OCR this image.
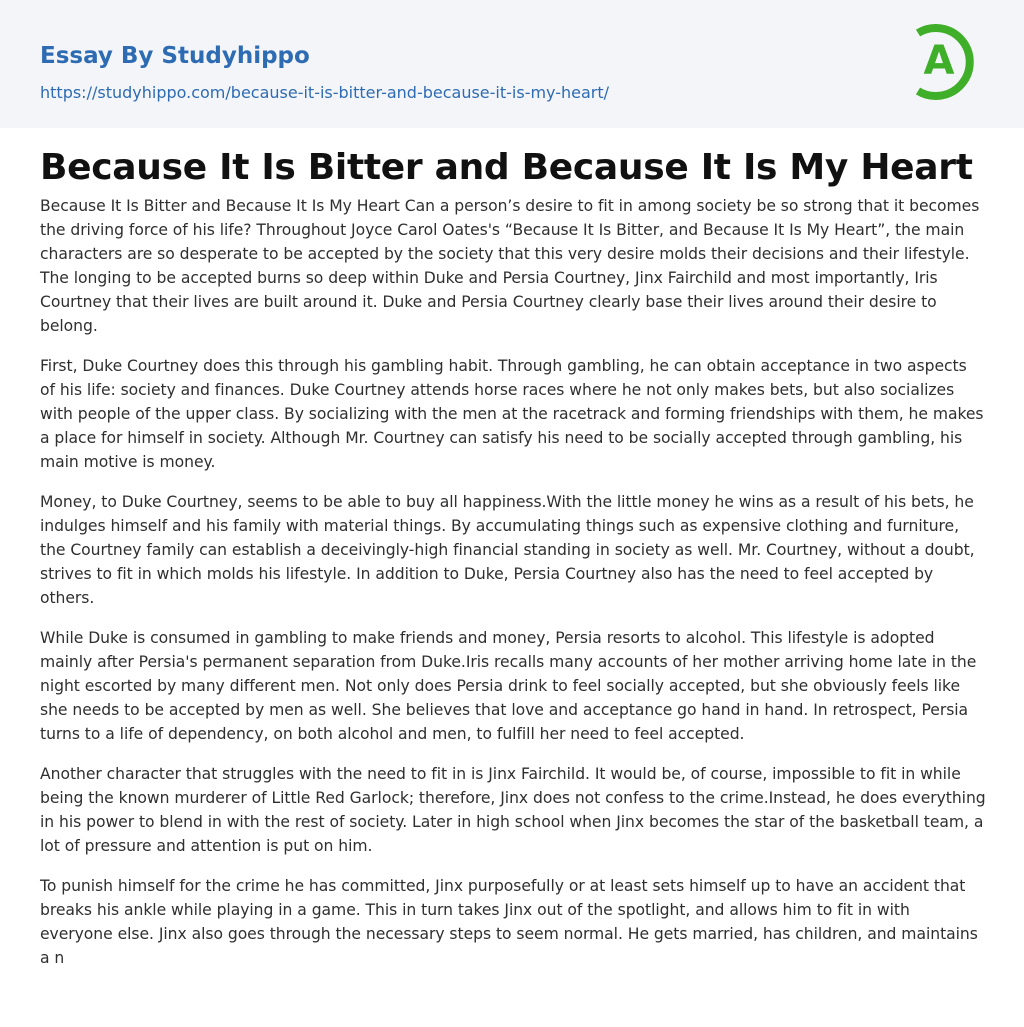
Essay By Studyhippo
https://studyhippo.com/because-it-is-bitter-and-because-it-is-my-heart/
A
Because It Is Bitter and Because It Is My Heart

Because It Is Bitter and Because It Is My Heart Can a person’s desire to fit in among society be so strong that it becomes the driving force of his life? Throughout Joyce Carol Oates's “Because It Is Bitter, and Because It Is My Heart”, the main characters are so desperate to be accepted by the society that this very desire molds their decisions and their lifestyle. The longing to be accepted burns so deep within Duke and Persia Courtney, Jinx Fairchild and most importantly, Iris Courtney that their lives are built around it. Duke and Persia Courtney clearly base their lives around their desire to belong.

First, Duke Courtney does this through his gambling habit. Through gambling, he can obtain acceptance in two aspects of his life: society and finances. Duke Courtney attends horse races where he not only makes bets, but also socializes with people of the upper class. By socializing with the men at the racetrack and forming friendships with them, he makes a place for himself in society. Although Mr. Courtney can satisfy his need to be socially accepted through gambling, his main motive is money.

Money, to Duke Courtney, seems to be able to buy all happiness.With the little money he wins as a result of his bets, he indulges himself and his family with material things. By accumulating things such as expensive clothing and furniture, the Courtney family can establish a deceivingly-high financial standing in society as well. Mr. Courtney, without a doubt, strives to fit in which molds his lifestyle. In addition to Duke, Persia Courtney also has the need to feel accepted by others.

While Duke is consumed in gambling to make friends and money, Persia resorts to alcohol. This lifestyle is adopted mainly after Persia's permanent separation from Duke.Iris recalls many accounts of her mother arriving home late in the night escorted by many different men. Not only does Persia drink to feel socially accepted, but she obviously feels like she needs to be accepted by men as well. She believes that love and acceptance go hand in hand. In retrospect, Persia turns to a life of dependency, on both alcohol and men, to fulfill her need to feel accepted.

Another character that struggles with the need to fit in is Jinx Fairchild. It would be, of course, impossible to fit in while being the known murderer of Little Red Garlock; therefore, Jinx does not confess to the crime.Instead, he does everything in his power to blend in with the rest of society. Later in high school when Jinx becomes the star of the basketball team, a lot of pressure and attention is put on him.

To punish himself for the crime he has committed, Jinx purposefully or at least sets himself up to have an accident that breaks his ankle while playing in a game. This in turn takes Jinx out of the spotlight, and allows him to fit in with everyone else. Jinx also goes through the necessary steps to seem normal. He gets married, has children, and maintains a n
